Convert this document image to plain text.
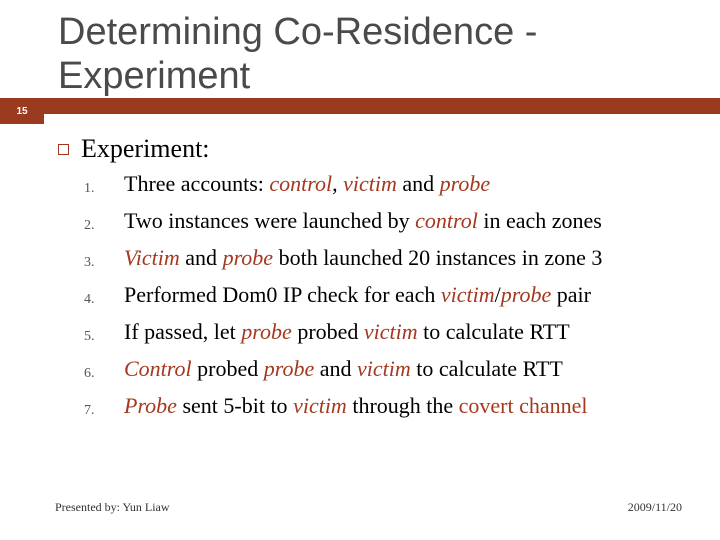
Determining Co-Residence - Experiment
15
Experiment:
1.	Three accounts: control, victim and probe
2.	Two instances were launched by control in each zones
3.	Victim and probe both launched 20 instances in zone 3
4.	Performed Dom0 IP check for each victim/probe pair
5.	If passed, let probe probed victim to calculate RTT
6.	Control probed probe and victim to calculate RTT
7.	Probe sent 5-bit to victim through the covert channel
Presented by: Yun Liaw	2009/11/20
